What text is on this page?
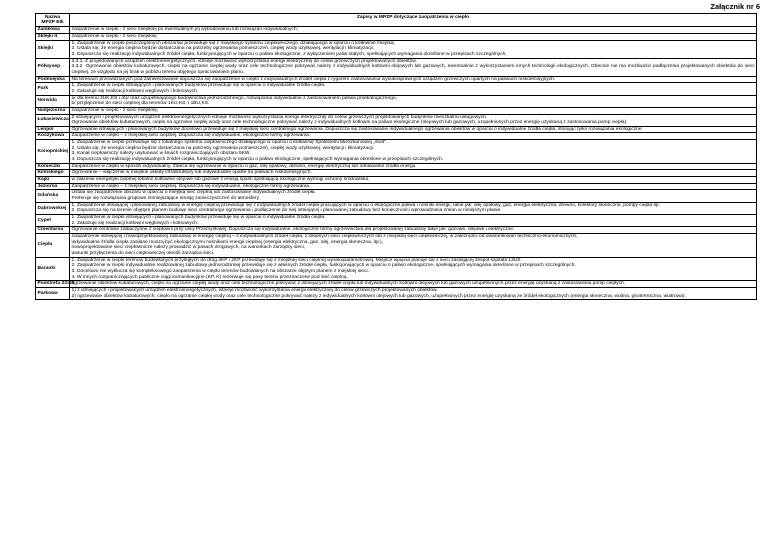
Załącznik nr 6
Nazwa MPZP Elk	Zapisy w MPZP dotyczące zaopatrzenia w ciepło
Zamkowa	zaopatrzenie w ciepło - z sieci miejskiej po ewentualnym jej wybudowaniu lub rozwiązań indywidualnych;

Sklejki II	zaopatrzenie w ciepło - z sieci miejskiej

Sklejki	1. Zaopatrzenie w ciepło poszczególnych obszarów przewiduje się z miejskiego systemu ciepłowniczego, działającego w oparciu o kotłownie miejską.
2. Ustala się, że energia cieplna będzie dostarczana na potrzeby ogrzewania pomieszczeń, ciepłej wody użytkowej, wentylacji i klimatyzacji.
3. Dopuszcza się realizację indywidualnych źródeł ciepła, funkcjonujących w oparciu o paliwo ekologiczne, z wyłączeniem paliw stałych, spełniających wymagania określone w przepisach szczególnych.

Półwysep	3.3.1. Z projektowanych urządzeń elektroenergetycznych, istnieje możliwość wykorzystania energii elektrycznej do celów grzewczych projektowanych obiektów.
3.3.2. Ogrzewanie obiektów kubaturowych, ciepło na ogrzanie ciepłej wody oraz cele technologiczne pokrywać należy z indywidualnych kotłowni olejowych lub gazowych, ewentualnie z wykorzystaniem innych technologii ekologicznych. Obecnie nie ma możliwości podłączenia projektowanych obiektów do sieci cieplnej, ze względu na jej brak w pobliżu terenu objętego opracowaniem planu.

Podmiejska	Na terenach przewidzianych pod zainwestowanie dopuszcza się zaopatrzenie w ciepło z indywidualnych źródeł ciepła z rygorem zastosowania wysokosprawnych urządzeń grzewczych opartych na paliwach niskoemisyjnych.

Park	1. Zaopatrzenie w ciepło istniejących i planowanych budynków przewiduje się w oparciu o indywidualne źródła ciepła.
2. Zakazuje się realizacji kotłowni węglowych i koksowych.

Norwida	a/ dla terenu 3UK,KS i 4U/ oraz uzupełniającego budownictwa jednorodzinnego, rozwiązania indywidualne z zastosowaniem paliwa proekologicznego,
b/ przyłączenie do sieci cieplnej dla terenów 1KU,KS, i 1BU,KS.

Nadjeziorna	zaopatrzenie w ciepło - z sieci miejskiej;

Łukasiewicza	Z istniejących i projektowanych urządzeń elektroenergetycznych istnieje możliwość wykorzystania energii elektrycznej do celów grzewczych projektowanych budynków mieszkalno-usługowych.
Ogrzewanie obiektów kubaturowych, ciepło na ogrzanie ciepłej wody oraz cele technologiczne pokrywać należy z indywidualnych kotłowni na paliwo ekologiczne (olejowych lub gazowych, uzupełnionych przez energię uzyskaną z zastosowania pomp ciepła).

Lenpol	Ogrzewanie istniejących i planowanych budynków docelowo przewiduje się z miejskiej sieci centralnego ogrzewania. Dopuszcza się zastosowanie indywidualnego ogrzewania obiektów w oparciu o indywidualne źródła ciepła, stosując tylko rozwiązania ekologiczne.

Koszykowa	Zaopatrzenie w ciepło – z miejskiej sieci cieplnej. Dopuszcza się indywidualne, ekologiczne formy ogrzewania.

Konopnickiej	1. Zaopatrzenie w ciepło przewiduje się z lokalnego systemu ciepłowniczego działającego w oparciu o kotłownię Spółdzielni Mieszkaniowej „Świt".
2. Ustala się, że energia cieplna będzie dostarczana na potrzeby ogrzewania pomieszczeń, ciepłej wody użytkowej, wentylacji i klimatyzacji.
3. Kanał ciepłowniczy należy usytuować w liniach rozgraniczających obszaru 5KW.
4. Dopuszcza się realizację indywidualnych źródeł ciepła, funkcjonujących w oparciu o paliwo ekologiczne, spełniających wymagania określone w przepisach szczególnych.

Konieczki	Zaopatrzenie w ciepło w sposób indywidualny. Zaleca się ogrzewanie w oparciu o gaz, olej opałowy, drewno, energię elektryczną lub odnawialne źródła energii.

Kilińskiego	Ogrzewanie – włączenie w miejskie układy infrastruktury lub indywidualne oparte na paliwach niskoemisyjnych.

Kajki	w zakresie energetyki cieplnej lokalne kotłownie olejowe lub gazowe z emisją spalin spełniającą ekologiczne wymogi ochrony środowiska.

Jeziorna	Zaopatrzenie w ciepło – z miejskiej sieci cieplnej. Dopuszcza się indywidualne, ekologiczne formy ogrzewania.

Gdańska	Ustala się zaopatrzenie obszaru w oparciu o miejską sieć cieplną lub zastosowanie indywidualnych źródeł ciepła.
Preferuje się rozwiązania grupowe zmniejszające emisję zanieczyszczeń do atmosfery

Dąbrowskiej	1. Zaopatrzenie istniejącej i planowanej zabudowy w energię cieplną przewiduje się z indywidualnych źródeł ciepła pracujących w oparciu o ekologiczne paliwa i nośniki energii, takie jak: olej opałowy, gaz, energia elektryczna, drewno, kolektory słoneczne, pompy ciepła itp.
2. Dopuszcza się na terenie objętym planem budowę sieci centralnego ogrzewania i podłączenie do niej istniejącej i planowanej zabudowy bez konieczności wprowadzania zmian w niniejszym planie.

Cypel	1. Zaopatrzenie w ciepło istniejących i planowanych budynków przewiduje się w oparciu o indywidualne źródła ciepła.
2. Zakazuje się realizacji kotłowni węglowych i koksowych.

Cmentarna	Ogrzewanie centralne zdalaczynne z ciepłowni przy ulicy Przemysłowej. Dopuszcza się indywidualne, ekologiczne formy ogrzewnictwa dla projektowanej zabudowy takie jak: gazowe, olejowe i elektryczne.

Ciepła	zaopatrzenie istniejącej i nowoprojektowanej zabudowy w energię cieplną – z indywidualnych źródeł ciepła, z lokalnych sieci ciepłowniczych lub z miejskiej sieci ciepłowniczej, w zależności od uwarunkowań techniczno-ekonomicznych,
indywidualne źródła ciepła zasilane muszą być ekologicznymi nośnikami energii cieplnej (energia elektryczna, gaz, olej, energia słoneczna, itp.),
nowoprojektowane sieci ciepłownicze należy prowadzić w pasach drogowych, na warunkach zarządcy sieci,
warunki przyłączenia do sieci ciepłowniczej określi zarządca sieci.

Baranki	1. Zaopatrzenie w ciepło terenów budowlanych przyległych do dróg 3KP i 2KP przewiduje się z miejskiej sieci cieplnej wysokoparametrowej. Miejsce wpięcia planuje się z sieci zasilającej zespół szpitala 13UZ.
2. Zaopatrzenie w ciepło indywidualnie realizowanej zabudowy jednorodzinnej przewiduje się z własnych źródeł ciepła, funkcjonujących w oparciu o paliwo ekologiczne, spełniających wymagania określone w przepisach szczególnych.
3. Docelowo nie wyklucza się kompleksowego zaopatrzenia w ciepło terenów budowlanych na obszarze objętym planem z miejskiej sieci.
4. W innych rozgraniczających publiczne ciągi komunikacyjne (KP, K) rezerwuje się pasy terenu przeznaczone pod sieć cieplną.

Podstrefa SSSE	ogrzewanie obiektów kubaturowych, ciepło na ogrzanie ciepłej wody oraz cele technologiczne pokrywać z istniejących źródeł ciepła lub indywidualnych kotłowni olejowych lub gazowych uzupełnionych przez energię uzyskaną z zastosowania pomp ciepłych.

Parkowa	1) z istniejących i projektowanych urządzeń elektroenergetycznych, istnieje możliwość wykorzystania energii elektrycznej do celów grzewczych projektowanych obiektów,
2) ogrzewanie obiektów kubaturowych, ciepło na ogrzanie ciepłej wody oraz cele technologiczne pokrywać należy z indywidualnych kotłowni olejowych lub gazowych, uzupełnionych przez energię uzyskaną ze źródeł ekologicznych (energia słoneczna, wodna, geotermiczna, wiatrowa).
